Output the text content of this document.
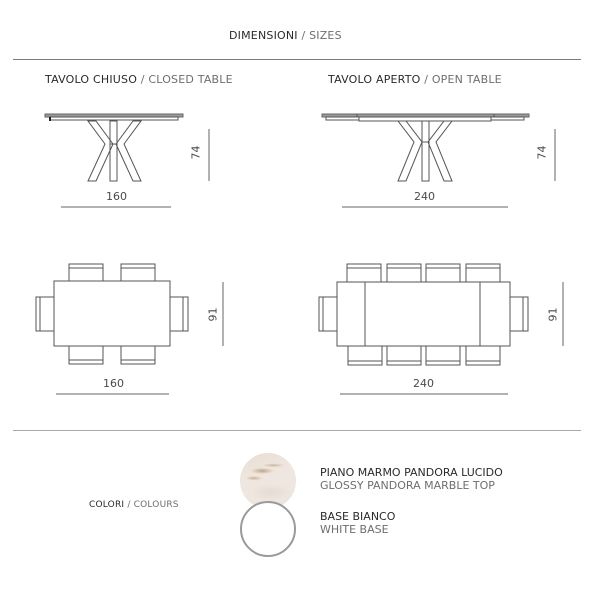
DIMENSIONI / SIZES
TAVOLO CHIUSO / CLOSED TABLE	TAVOLO APERTO / OPEN TABLE
160
74
240
74
160
91
240
91
COLORI / COLOURS
PIANO MARMO PANDORA LUCIDO
GLOSSY PANDORA MARBLE TOP
BASE BIANCO
WHITE BASE
